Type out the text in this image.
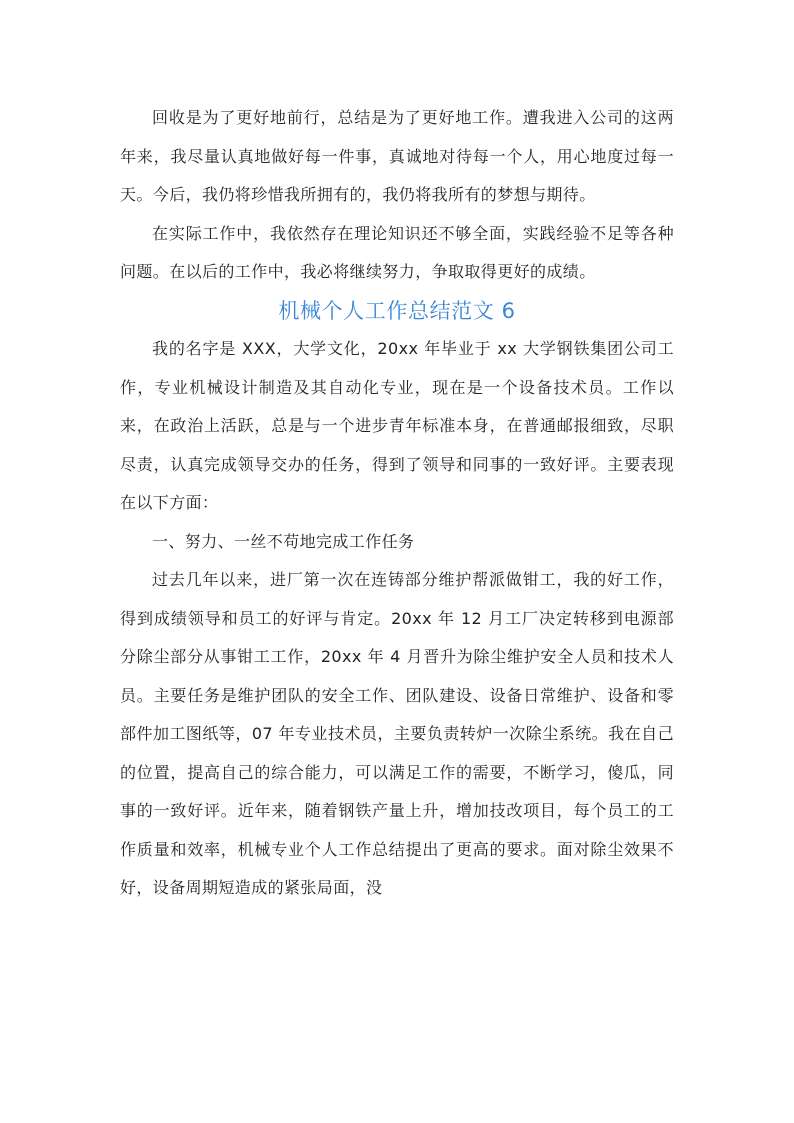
回收是为了更好地前行，总结是为了更好地工作。遭我进入公司的这两年来，我尽量认真地做好每一件事，真诚地对待每一个人，用心地度过每一天。今后，我仍将珍惜我所拥有的，我仍将我所有的梦想与期待。

在实际工作中，我依然存在理论知识还不够全面，实践经验不足等各种问题。在以后的工作中，我必将继续努力，争取取得更好的成绩。

机械个人工作总结范文 6

我的名字是 XXX，大学文化，20xx 年毕业于 xx 大学钢铁集团公司工作，专业机械设计制造及其自动化专业，现在是一个设备技术员。工作以来，在政治上活跃，总是与一个进步青年标准本身，在普通邮报细致，尽职尽责，认真完成领导交办的任务，得到了领导和同事的一致好评。主要表现在以下方面：

一、努力、一丝不苟地完成工作任务

过去几年以来，进厂第一次在连铸部分维护帮派做钳工，我的好工作，得到成绩领导和员工的好评与肯定。20xx 年 12 月工厂决定转移到电源部分除尘部分从事钳工工作，20xx 年 4 月晋升为除尘维护安全人员和技术人员。主要任务是维护团队的安全工作、团队建设、设备日常维护、设备和零部件加工图纸等，07 年专业技术员，主要负责转炉一次除尘系统。我在自己的位置，提高自己的综合能力，可以满足工作的需要，不断学习，傻瓜，同事的一致好评。近年来，随着钢铁产量上升，增加技改项目，每个员工的工作质量和效率，机械专业个人工作总结提出了更高的要求。面对除尘效果不好，设备周期短造成的紧张局面，没
